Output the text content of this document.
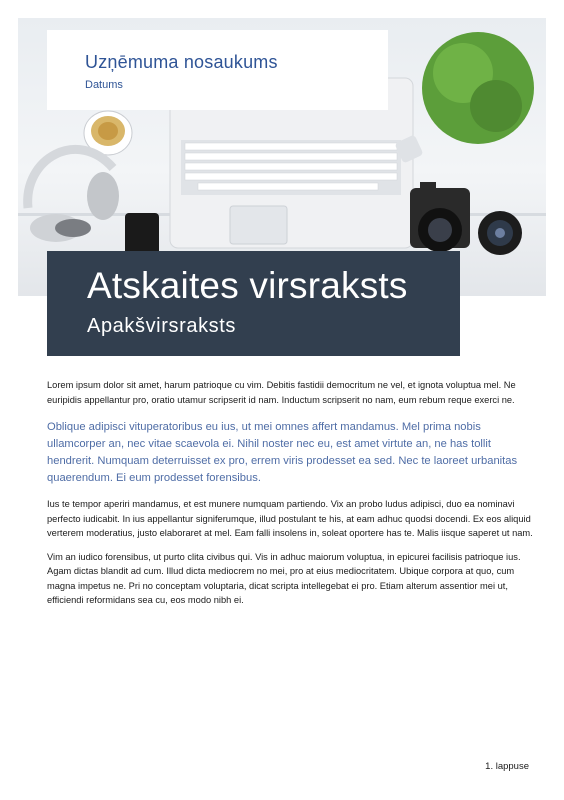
Uzņēmuma nosaukums
Datums
Atskaites virsraksts
Apakšvirsraksts

Lorem ipsum dolor sit amet, harum patrioque cu vim. Debitis fastidii democritum ne vel, et ignota voluptua mel. Ne euripidis appellantur pro, oratio utamur scripserit id nam. Inductum scripserit no nam, eum rebum reque exerci ne.

Oblique adipisci vituperatoribus eu ius, ut mei omnes affert mandamus. Mel prima nobis ullamcorper an, nec vitae scaevola ei. Nihil noster nec eu, est amet virtute an, ne has tollit hendrerit. Numquam deterruisset ex pro, errem viris prodesset ea sed. Nec te laoreet urbanitas quaerendum. Ei eum prodesset forensibus.

Ius te tempor aperiri mandamus, et est munere numquam partiendo. Vix an probo ludus adipisci, duo ea nominavi perfecto iudicabit. In ius appellantur signiferumque, illud postulant te his, at eam adhuc quodsi docendi. Ex eos aliquid verterem moderatius, justo elaboraret at mel. Eam falli insolens in, soleat oportere has te. Malis iisque saperet ut nam.

Vim an iudico forensibus, ut purto clita civibus qui. Vis in adhuc maiorum voluptua, in epicurei facilisis patrioque ius. Agam dictas blandit ad cum. Illud dicta mediocrem no mei, pro at eius mediocritatem. Ubique corpora at quo, cum magna impetus ne. Pri no conceptam voluptaria, dicat scripta intellegebat ei pro. Etiam alterum assentior mei ut, efficiendi reformidans sea cu, eos modo nibh ei.

1. lappuse
